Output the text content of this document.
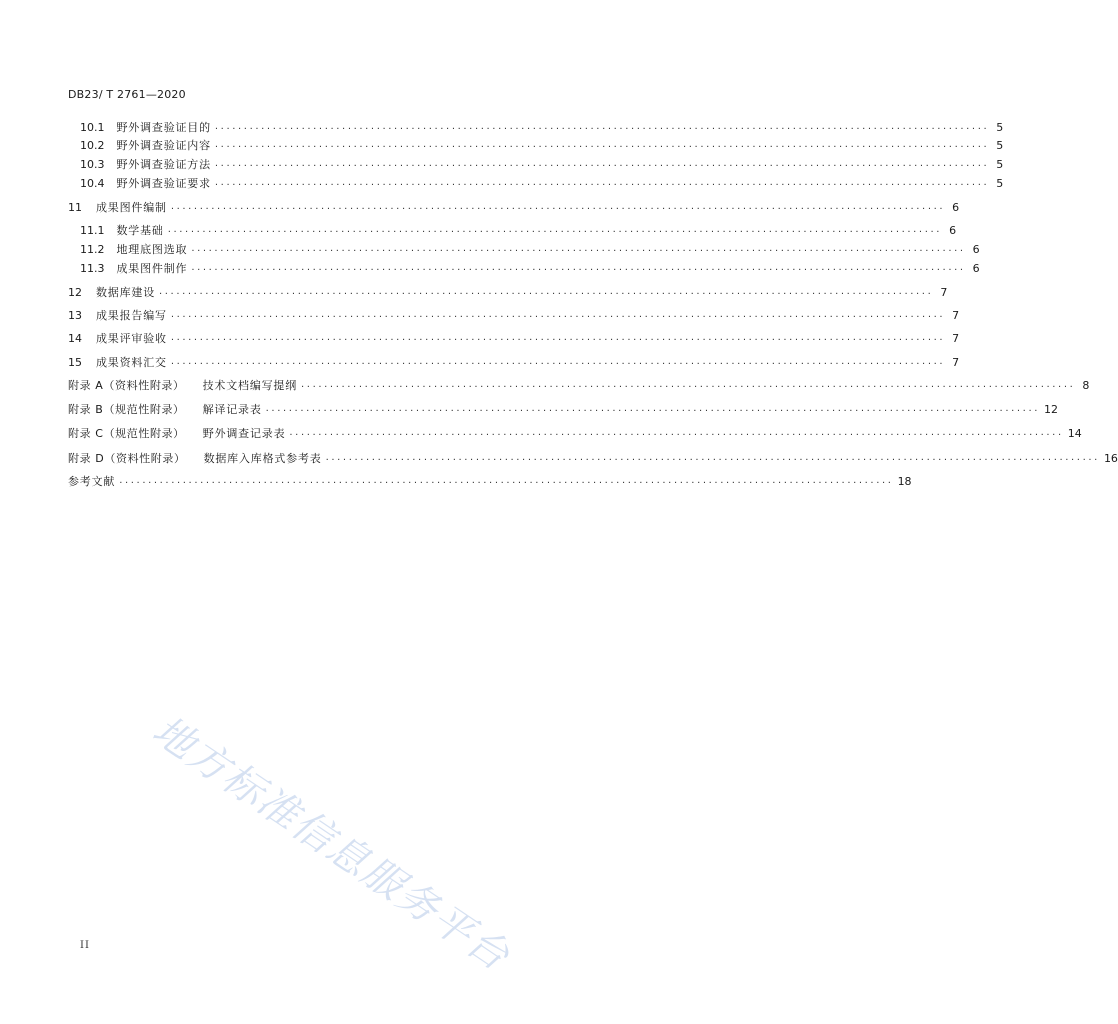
DB23/ T 2761—2020
10.1 野外调查验证目的 ...................................................................................................................................... 5
10.2 野外调查验证内容 ...................................................................................................................................... 5
10.3 野外调查验证方法 ...................................................................................................................................... 5
10.4 野外调查验证要求 ...................................................................................................................................... 5
11 成果图件编制 ...................................................................................................................................... 6
11.1 数学基础 ...................................................................................................................................... 6
11.2 地理底图选取 ...................................................................................................................................... 6
11.3 成果图件制作 ...................................................................................................................................... 6
12 数据库建设 ...................................................................................................................................... 7
13 成果报告编写 ...................................................................................................................................... 7
14 成果评审验收 ...................................................................................................................................... 7
15 成果资料汇交 ...................................................................................................................................... 7
附录 A（资料性附录） 技术文档编写提纲 ...................................................................................................................................... 8
附录 B（规范性附录） 解译记录表 ...................................................................................................................................... 12
附录 C（规范性附录） 野外调查记录表 ...................................................................................................................................... 14
附录 D（资料性附录） 数据库入库格式参考表 ...................................................................................................................................... 16
参考文献 ...................................................................................................................................... 18
地方标准信息服务平台
II
